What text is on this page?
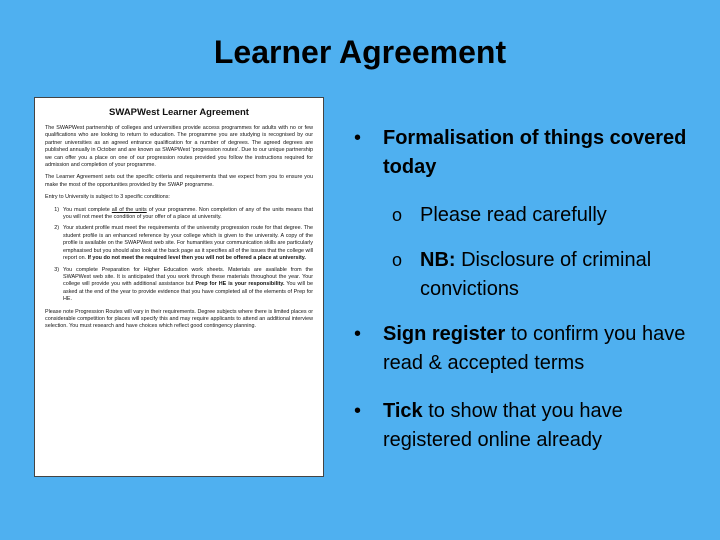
Learner Agreement
SWAPWest Learner Agreement

The SWAPWest partnership of colleges and universities provide access programmes for adults with no or few qualifications who are looking to return to education. The programme you are studying is recognised by our partner universities as an agreed entrance qualification for a number of degrees. The agreed degrees are published annually in October and are known as SWAPWest 'progression routes'. Due to our unique partnership we can offer you a place on one of our progression routes provided you follow the instructions required for admission and completion of your programme.

The Learner Agreement sets out the specific criteria and requirements that we expect from you to ensure you make the most of the opportunities provided by the SWAP programme.

Entry to University is subject to 3 specific conditions:

1) You must complete all of the units of your programme. Non completion of any of the units means that you will not meet the condition of your offer of a place at university.
2) Your student profile must meet the requirements of the university progression route for that degree. The student profile is an enhanced reference by your college which is given to the university. A copy of the profile is available on the SWAPWest web site. For humanities your communication skills are particularly emphasised but you should also look at the back page as it specifies all of the issues that the college will report on. If you do not meet the required level then you will not be offered a place at university.
3) You complete Preparation for Higher Education work sheets. Materials are available from the SWAPWest web site. It is anticipated that you work through these materials throughout the year. Your college will provide you with additional assistance but Prep for HE is your responsibility. You will be asked at the end of the year to provide evidence that you have completed all of the elements of Prep for HE.

Please note Progression Routes will vary in their requirements. Degree subjects where there is limited places or considerable competition for places will specify this and may require applicants to attend an additional interview selection. You must research and have choices which reflect good contingency planning.

• Formalisation of things covered today
o Please read carefully
o NB: Disclosure of criminal convictions
• Sign register to confirm you have read & accepted terms
• Tick to show that you have registered online already
